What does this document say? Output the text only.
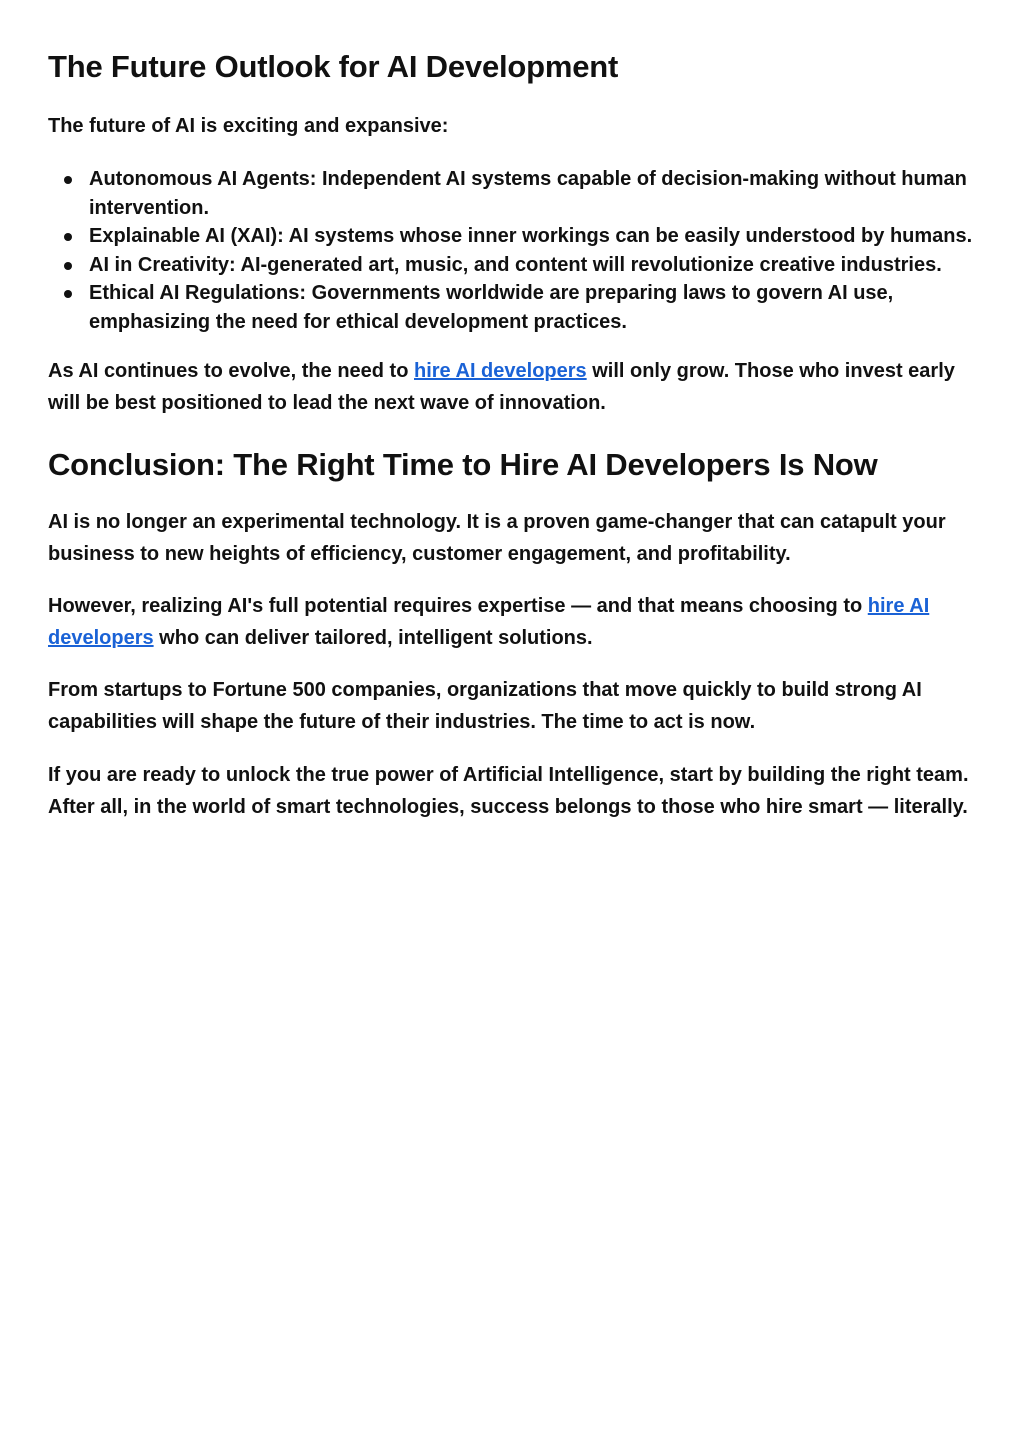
The Future Outlook for AI Development

The future of AI is exciting and expansive:

Autonomous AI Agents: Independent AI systems capable of decision-making without human intervention.
Explainable AI (XAI): AI systems whose inner workings can be easily understood by humans.
AI in Creativity: AI-generated art, music, and content will revolutionize creative industries.
Ethical AI Regulations: Governments worldwide are preparing laws to govern AI use, emphasizing the need for ethical development practices.

As AI continues to evolve, the need to hire AI developers will only grow. Those who invest early will be best positioned to lead the next wave of innovation.

Conclusion: The Right Time to Hire AI Developers Is Now

AI is no longer an experimental technology. It is a proven game-changer that can catapult your business to new heights of efficiency, customer engagement, and profitability.

However, realizing AI's full potential requires expertise — and that means choosing to hire AI developers who can deliver tailored, intelligent solutions.

From startups to Fortune 500 companies, organizations that move quickly to build strong AI capabilities will shape the future of their industries. The time to act is now.

If you are ready to unlock the true power of Artificial Intelligence, start by building the right team. After all, in the world of smart technologies, success belongs to those who hire smart — literally.
